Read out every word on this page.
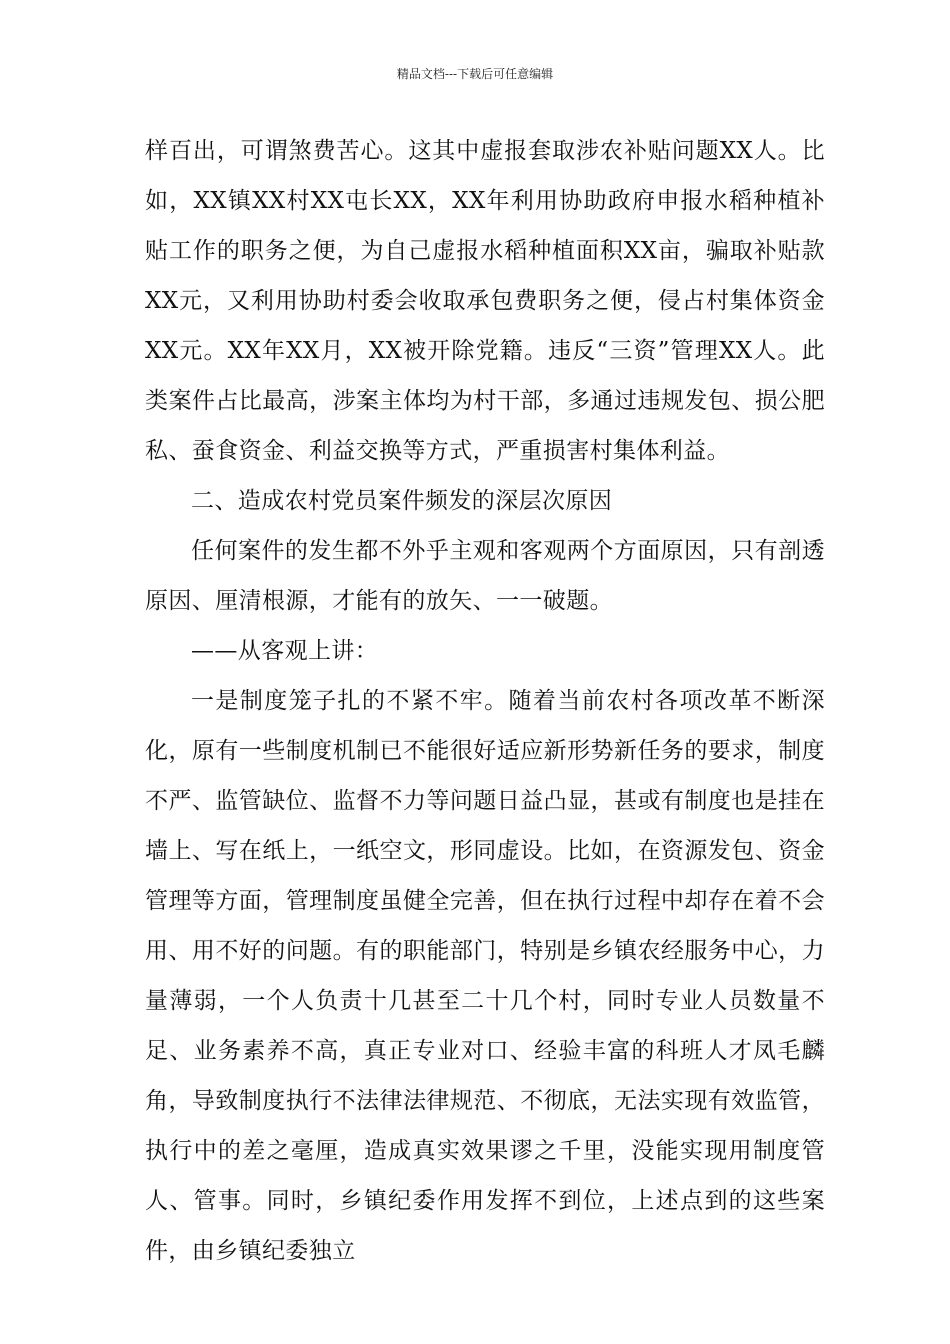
精品文档---下载后可任意编辑

样百出，可谓煞费苦心。这其中虚报套取涉农补贴问题XX人。比如，XX镇XX村XX屯长XX，XX年利用协助政府申报水稻种植补贴工作的职务之便，为自己虚报水稻种植面积XX亩，骗取补贴款XX元，又利用协助村委会收取承包费职务之便，侵占村集体资金XX元。XX年XX月，XX被开除党籍。违反“三资”管理XX人。此类案件占比最高，涉案主体均为村干部，多通过违规发包、损公肥私、蚕食资金、利益交换等方式，严重损害村集体利益。

二、造成农村党员案件频发的深层次原因

任何案件的发生都不外乎主观和客观两个方面原因，只有剖透原因、厘清根源，才能有的放矢、一一破题。

——从客观上讲：

一是制度笼子扎的不紧不牢。随着当前农村各项改革不断深化，原有一些制度机制已不能很好适应新形势新任务的要求，制度不严、监管缺位、监督不力等问题日益凸显，甚或有制度也是挂在墙上、写在纸上，一纸空文，形同虚设。比如，在资源发包、资金管理等方面，管理制度虽健全完善，但在执行过程中却存在着不会用、用不好的问题。有的职能部门，特别是乡镇农经服务中心，力量薄弱，一个人负责十几甚至二十几个村，同时专业人员数量不足、业务素养不高，真正专业对口、经验丰富的科班人才凤毛麟角，导致制度执行不法律法律规范、不彻底，无法实现有效监管，执行中的差之毫厘，造成真实效果谬之千里，没能实现用制度管人、管事。同时，乡镇纪委作用发挥不到位，上述点到的这些案件，由乡镇纪委独立
